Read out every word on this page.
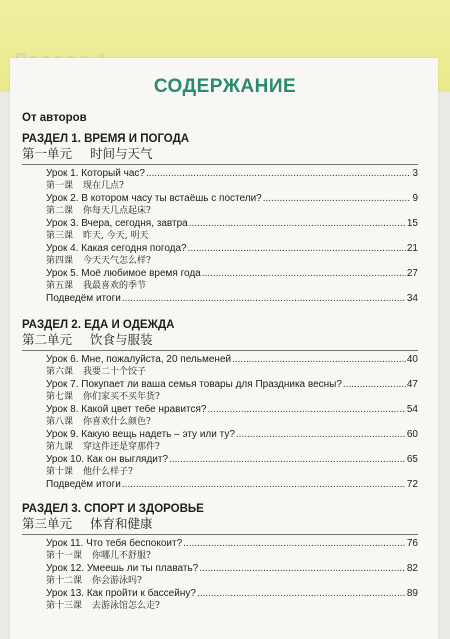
СОДЕРЖАНИЕ
От авторов
РАЗДЕЛ 1. ВРЕМЯ И ПОГОДА
第一单元 时间与天气
Урок 1. Который час? .....	3
第一课 现在几点?
Урок 2. В котором часу ты встаёшь с постели? .....	9
第二课 你每天几点起床?
Урок 3. Вчера, сегодня, завтра .....	15
第三课 昨天, 今天, 明天
Урок 4. Какая сегодня погода? .....	21
第四课 今天天气怎么样?
Урок 5. Моё любимое время года .....	27
第五课 我最喜欢的季节
Подведём итоги .....	34
РАЗДЕЛ 2. ЕДА И ОДЕЖДА
第二单元 饮食与服装
Урок 6. Мне, пожалуйста, 20 пельменей .....	40
第六课 我要二十个饺子
Урок 7. Покупает ли ваша семья товары для Праздника весны? .....	47
第七课 你们家买不买年货?
Урок 8. Какой цвет тебе нравится? .....	54
第八课 你喜欢什么颜色?
Урок 9. Какую вещь надеть – эту или ту? .....	60
第九课 穿这件还是穿那件?
Урок 10. Как он выглядит? .....	65
第十课 他什么样子?
Подведём итоги .....	72
РАЗДЕЛ 3. СПОРТ И ЗДОРОВЬЕ
第三单元 体育和健康
Урок 11. Что тебя беспокоит? .....	76
第十一课 你哪儿不舒服?
Урок 12. Умеешь ли ты плавать? .....	82
第十二课 你会游泳吗?
Урок 13. Как пройти к бассейну? .....	89
第十三课 去游泳馆怎么走?
